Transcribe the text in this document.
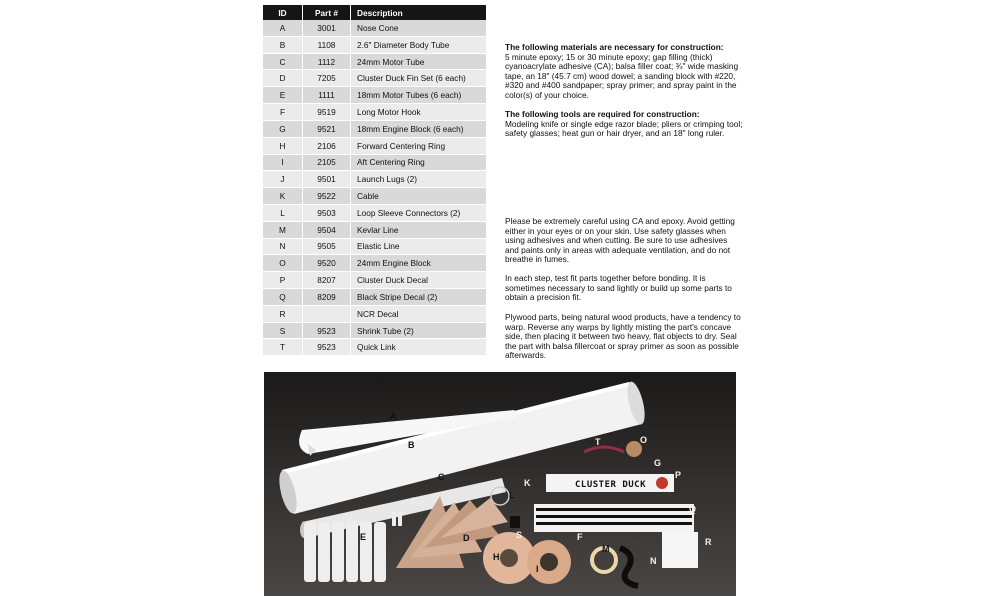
ID	Part #	Description
A	3001	Nose Cone
B	1108	2.6" Diameter Body Tube
C	1112	24mm Motor Tube
D	7205	Cluster Duck Fin Set (6 each)
E	1111	18mm Motor Tubes (6 each)
F	9519	Long Motor Hook
G	9521	18mm Engine Block (6 each)
H	2106	Forward Centering Ring
I	2105	Aft Centering Ring
J	9501	Launch Lugs (2)
K	9522	Cable
L	9503	Loop Sleeve Connectors (2)
M	9504	Kevlar Line
N	9505	Elastic Line
O	9520	24mm Engine Block
P	8207	Cluster Duck Decal
Q	8209	Black Stripe Decal (2)
R		NCR Decal
S	9523	Shrink Tube (2)
T	9523	Quick Link
The following materials are necessary for construction:
5 minute epoxy; 15 or 30 minute epoxy; gap filling (thick) cyanoacrylate adhesive (CA); balsa filler coat; ¾" wide masking tape, an 18" (45.7 cm) wood dowel; a sanding block with #220, #320 and #400 sandpaper; spray primer; and spray paint in the color(s) of your choice.
The following tools are required for construction:
Modeling knife or single edge razor blade; pliers or crimping tool; safety glasses; heat gun or hair dryer, and an 18" long ruler.
Please be extremely careful using CA and epoxy. Avoid getting either in your eyes or on your skin. Use safety glasses when using adhesives and when cutting. Be sure to use adhesives and paints only in areas with adequate ventilation, and do not breathe in fumes.
In each step, test fit parts together before bonding. It is sometimes necessary to sand lightly or build up some parts to obtain a precision fit.
Plywood parts, being natural wood products, have a tendency to warp. Reverse any warps by lightly misting the part's concave side, then placing it between two heavy, flat objects to dry. Seal the part with balsa fillercoat or spray primer as soon as possible afterwards.
A
B
C
D
E	F
G
H
I
J
K
L
M
N
O
P
Q
R
S
T
CLUSTER DUCK
